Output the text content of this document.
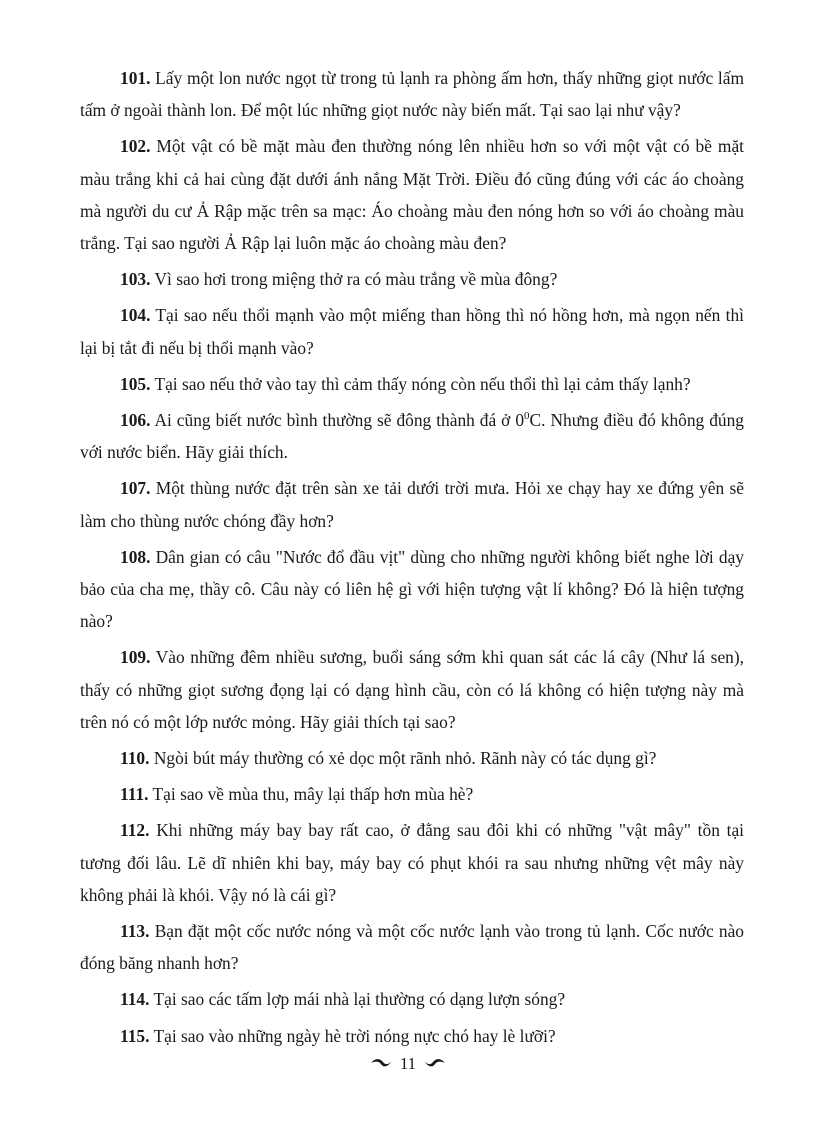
101. Lấy một lon nước ngọt từ trong tủ lạnh ra phòng ấm hơn, thấy những giọt nước lấm tấm ở ngoài thành lon. Để một lúc những giọt nước này biến mất. Tại sao lại như vậy?

102. Một vật có bề mặt màu đen thường nóng lên nhiều hơn so với một vật có bề mặt màu trắng khi cả hai cùng đặt dưới ánh nắng Mặt Trời. Điều đó cũng đúng với các áo choàng mà người du cư Ả Rập mặc trên sa mạc: Áo choàng màu đen nóng hơn so với áo choàng màu trắng. Tại sao người Ả Rập lại luôn mặc áo choàng màu đen?

103. Vì sao hơi trong miệng thở ra có màu trắng về mùa đông?

104. Tại sao nếu thổi mạnh vào một miếng than hồng thì nó hồng hơn, mà ngọn nến thì lại bị tắt đi nếu bị thổi mạnh vào?

105. Tại sao nếu thở vào tay thì cảm thấy nóng còn nếu thổi thì lại cảm thấy lạnh?

106. Ai cũng biết nước bình thường sẽ đông thành đá ở $0^0C$. Nhưng điều đó không đúng với nước biển. Hãy giải thích.

107. Một thùng nước đặt trên sàn xe tải dưới trời mưa. Hỏi xe chạy hay xe đứng yên sẽ làm cho thùng nước chóng đầy hơn?

108. Dân gian có câu "Nước đổ đầu vịt" dùng cho những người không biết nghe lời dạy bảo của cha mẹ, thầy cô. Câu này có liên hệ gì với hiện tượng vật lí không? Đó là hiện tượng nào?

109. Vào những đêm nhiều sương, buổi sáng sớm khi quan sát các lá cây (Như lá sen), thấy có những giọt sương đọng lại có dạng hình cầu, còn có lá không có hiện tượng này mà trên nó có một lớp nước mỏng. Hãy giải thích tại sao?

110. Ngòi bút máy thường có xẻ dọc một rãnh nhỏ. Rãnh này có tác dụng gì?

111. Tại sao về mùa thu, mây lại thấp hơn mùa hè?

112. Khi những máy bay bay rất cao, ở đằng sau đôi khi có những "vật mây" tồn tại tương đối lâu. Lẽ dĩ nhiên khi bay, máy bay có phụt khói ra sau nhưng những vệt mây này không phải là khói. Vậy nó là cái gì?

113. Bạn đặt một cốc nước nóng và một cốc nước lạnh vào trong tủ lạnh. Cốc nước nào đóng băng nhanh hơn?

114. Tại sao các tấm lợp mái nhà lại thường có dạng lượn sóng?

115. Tại sao vào những ngày hè trời nóng nực chó hay lè lưỡi?

11
